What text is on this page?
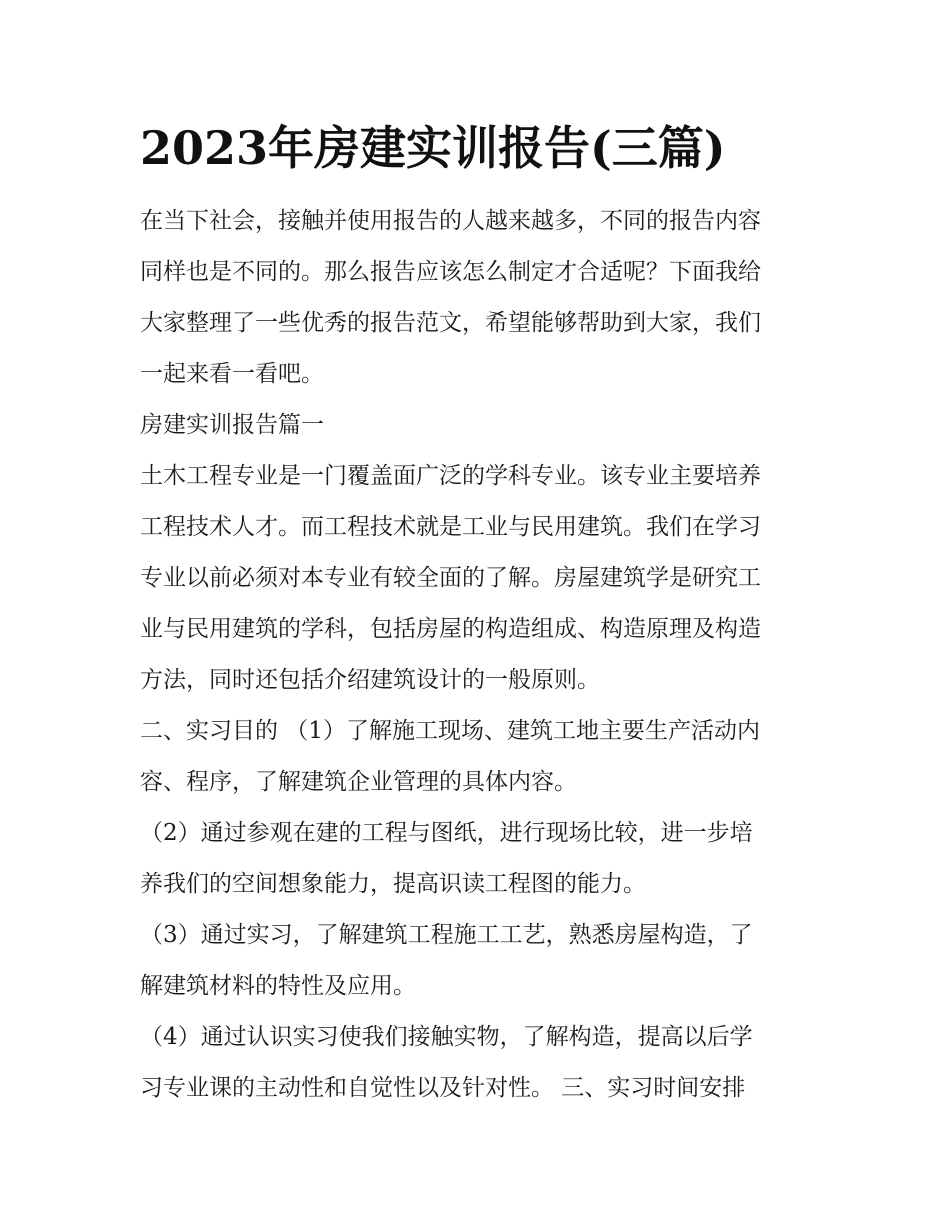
2023年房建实训报告(三篇)
在当下社会，接触并使用报告的人越来越多，不同的报告内容
同样也是不同的。那么报告应该怎么制定才合适呢？下面我给
大家整理了一些优秀的报告范文，希望能够帮助到大家，我们
一起来看一看吧。
房建实训报告篇一
土木工程专业是一门覆盖面广泛的学科专业。该专业主要培养
工程技术人才。而工程技术就是工业与民用建筑。我们在学习
专业以前必须对本专业有较全面的了解。房屋建筑学是研究工
业与民用建筑的学科，包括房屋的构造组成、构造原理及构造
方法，同时还包括介绍建筑设计的一般原则。
二、实习目的 （1）了解施工现场、建筑工地主要生产活动内
容、程序，了解建筑企业管理的具体内容。
（2）通过参观在建的工程与图纸，进行现场比较，进一步培
养我们的空间想象能力，提高识读工程图的能力。
（3）通过实习，了解建筑工程施工工艺，熟悉房屋构造，了
解建筑材料的特性及应用。
（4）通过认识实习使我们接触实物，了解构造，提高以后学
习专业课的主动性和自觉性以及针对性。 三、实习时间安排
